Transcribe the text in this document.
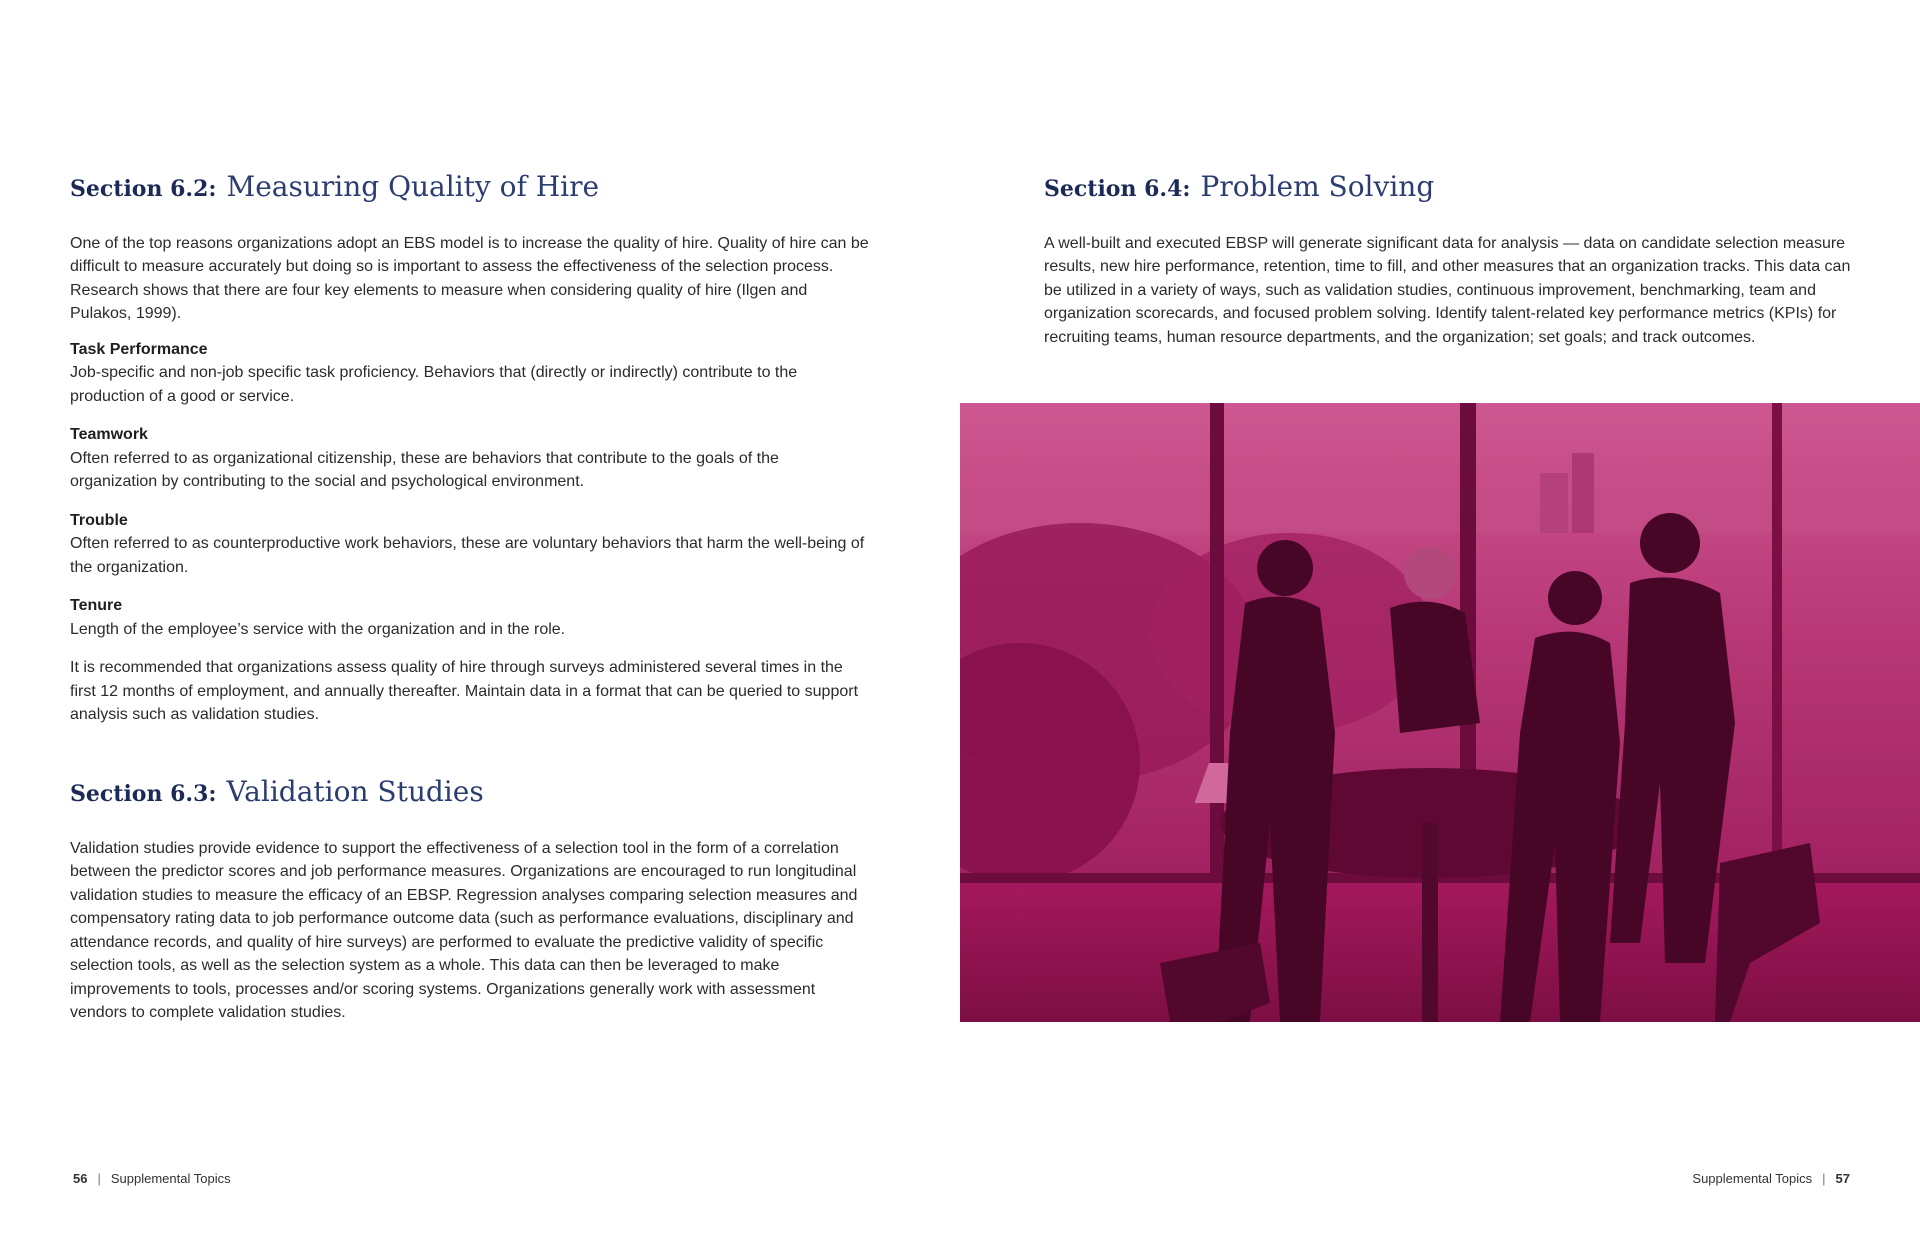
Section 6.2: Measuring Quality of Hire

One of the top reasons organizations adopt an EBS model is to increase the quality of hire. Quality of hire can be difficult to measure accurately but doing so is important to assess the effectiveness of the selection process. Research shows that there are four key elements to measure when considering quality of hire (Ilgen and Pulakos, 1999).

Task Performance

Job-specific and non-job specific task proficiency. Behaviors that (directly or indirectly) contribute to the production of a good or service.

Teamwork

Often referred to as organizational citizenship, these are behaviors that contribute to the goals of the organization by contributing to the social and psychological environment.

Trouble

Often referred to as counterproductive work behaviors, these are voluntary behaviors that harm the well-being of the organization.

Tenure

Length of the employee’s service with the organization and in the role.

It is recommended that organizations assess quality of hire through surveys administered several times in the first 12 months of employment, and annually thereafter. Maintain data in a format that can be queried to support analysis such as validation studies.

Section 6.3: Validation Studies

Validation studies provide evidence to support the effectiveness of a selection tool in the form of a correlation between the predictor scores and job performance measures. Organizations are encouraged to run longitudinal validation studies to measure the efficacy of an EBSP. Regression analyses comparing selection measures and compensatory rating data to job performance outcome data (such as performance evaluations, disciplinary and attendance records, and quality of hire surveys) are performed to evaluate the predictive validity of specific selection tools, as well as the selection system as a whole. This data can then be leveraged to make improvements to tools, processes and/or scoring systems. Organizations generally work with assessment vendors to complete validation studies.

Section 6.4: Problem Solving

A well-built and executed EBSP will generate significant data for analysis — data on candidate selection measure results, new hire performance, retention, time to fill, and other measures that an organization tracks. This data can be utilized in a variety of ways, such as validation studies, continuous improvement, benchmarking, team and organization scorecards, and focused problem solving. Identify talent-related key performance metrics (KPIs) for recruiting teams, human resource departments, and the organization; set goals; and track outcomes.

56 | Supplemental Topics	Supplemental Topics | 57
